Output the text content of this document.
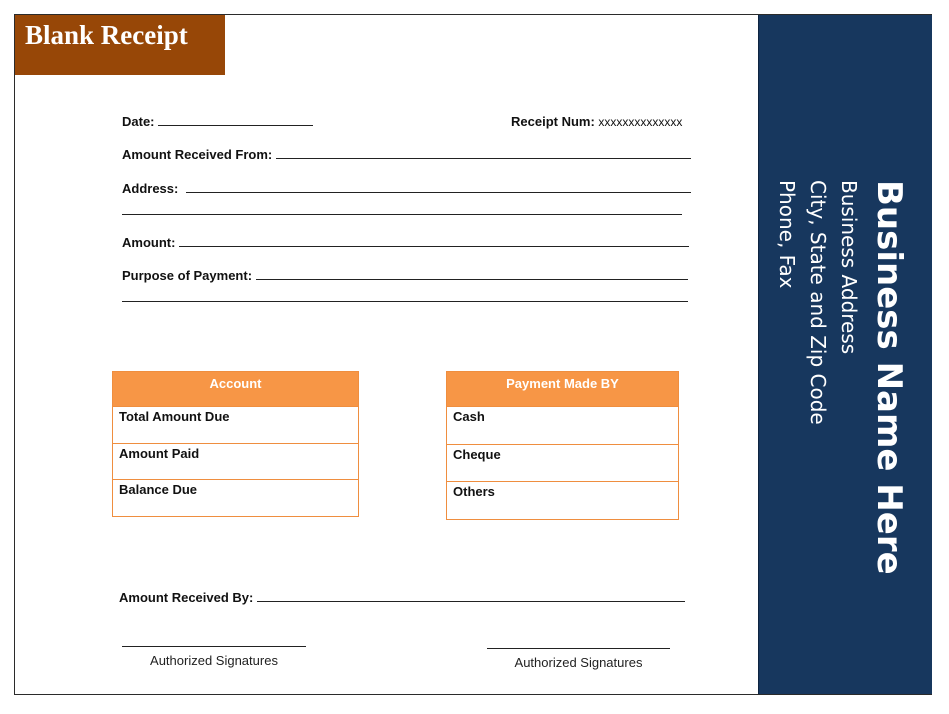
Blank Receipt
Business Name Here
Business Address
City, State and Zip Code
Phone, Fax
Date:	Receipt Num: xxxxxxxxxxxxxx
Amount Received From:
Address:
Amount:
Purpose of Payment:
Account
Total Amount Due
Amount Paid
Balance Due
Payment Made BY
Cash
Cheque
Others
Amount Received By:
Authorized Signatures	Authorized Signatures
